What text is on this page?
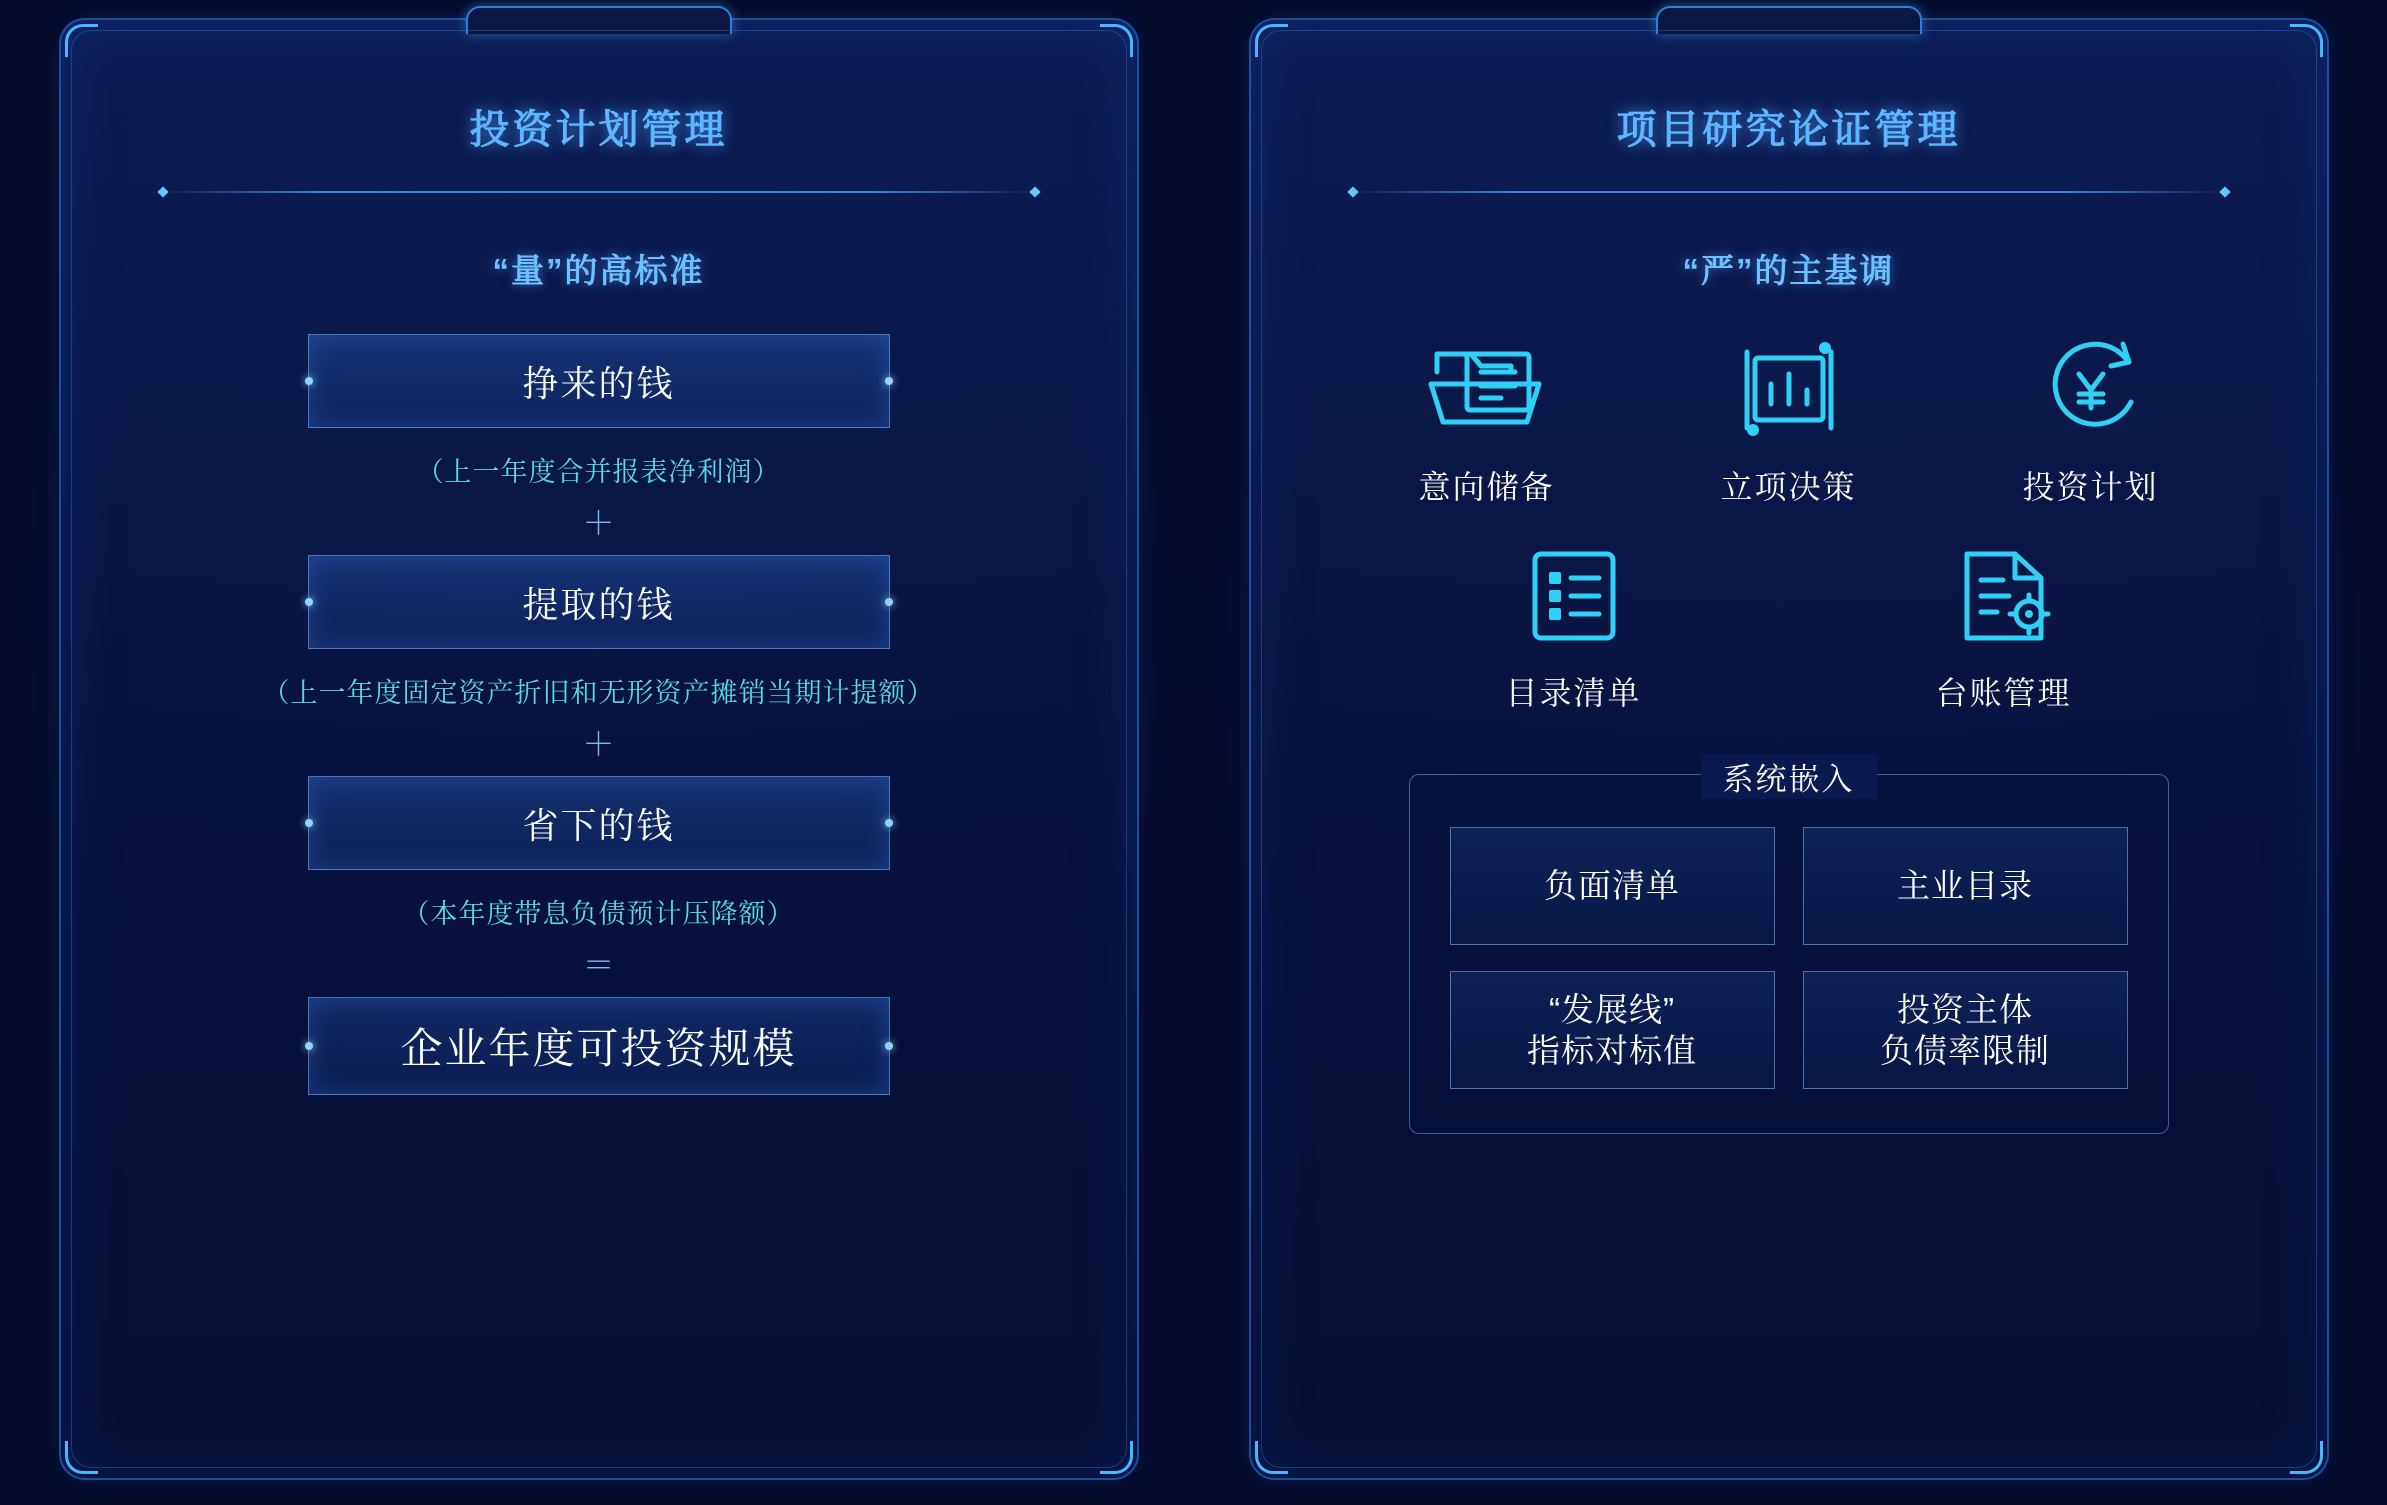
投资计划管理
“量”的高标准
挣来的钱
（上一年度合并报表净利润）
＋
提取的钱
（上一年度固定资产折旧和无形资产摊销当期计提额）
＋
省下的钱
（本年度带息负债预计压降额）
＝
企业年度可投资规模
项目研究论证管理
“严”的主基调
意向储备	立项决策	投资计划
目录清单	台账管理
系统嵌入
负面清单	主业目录
“发展线”
指标对标值
投资主体
负债率限制
